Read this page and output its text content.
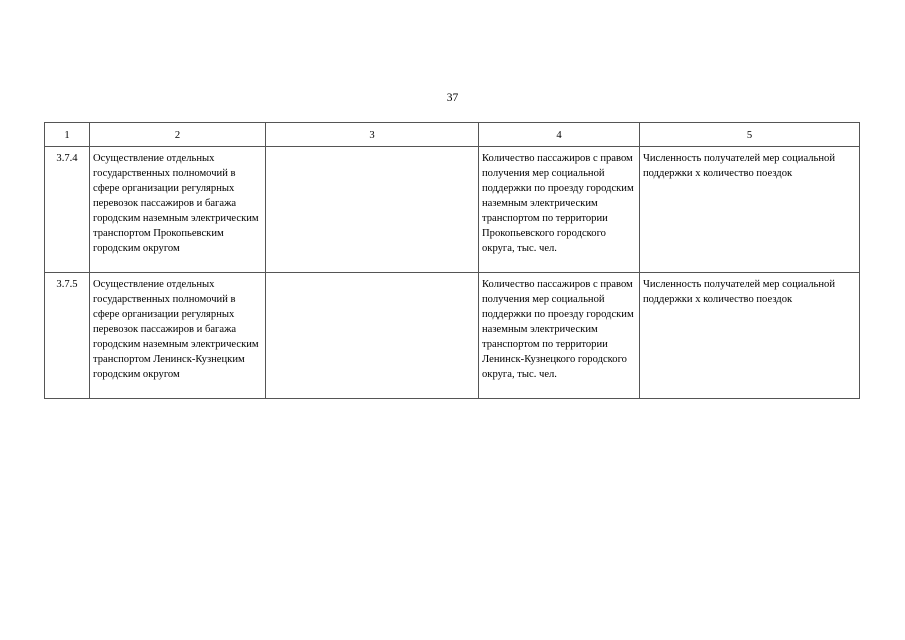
37
1	2	3	4	5
3.7.4	Осуществление отдельных государственных полномочий в сфере организации регулярных перевозок пассажиров и багажа городским наземным электрическим транспортом Прокопьевским городским округом		Количество пассажиров с правом получения мер социальной поддержки по проезду городским наземным электрическим транспортом по территории Прокопьевского городского округа, тыс. чел.	Численность получателей мер социальной поддержки х количество поездок
3.7.5	Осуществление отдельных государственных полномочий в сфере организации регулярных перевозок пассажиров и багажа городским наземным электрическим транспортом Ленинск-Кузнецким городским округом		Количество пассажиров с правом получения мер социальной поддержки по проезду городским наземным электрическим транспортом по территории Ленинск-Кузнецкого городского округа, тыс. чел.	Численность получателей мер социальной поддержки х количество поездок
